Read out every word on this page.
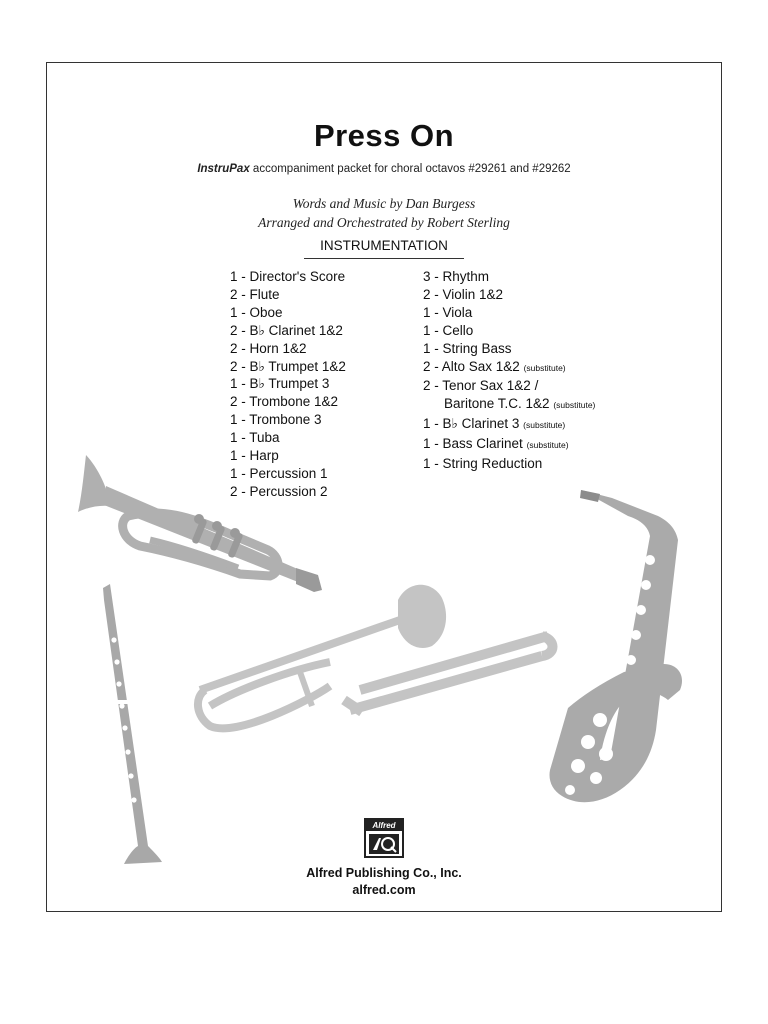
Press On
InstruPax accompaniment packet for choral octavos #29261 and #29262
Words and Music by Dan Burgess
Arranged and Orchestrated by Robert Sterling
INSTRUMENTATION
1 - Director's Score
2 - Flute
1 - Oboe
2 - B♭ Clarinet 1&2
2 - Horn 1&2
2 - B♭ Trumpet 1&2
1 - B♭ Trumpet 3
2 - Trombone 1&2
1 - Trombone 3
1 - Tuba
1 - Harp
1 - Percussion 1
2 - Percussion 2
3 - Rhythm
2 - Violin 1&2
1 - Viola
1 - Cello
1 - String Bass
2 - Alto Sax 1&2 (substitute)
2 - Tenor Sax 1&2 /
Baritone T.C. 1&2 (substitute)
1 - B♭ Clarinet 3 (substitute)
1 - Bass Clarinet (substitute)
1 - String Reduction
Alfred
Alfred Publishing Co., Inc.
alfred.com
